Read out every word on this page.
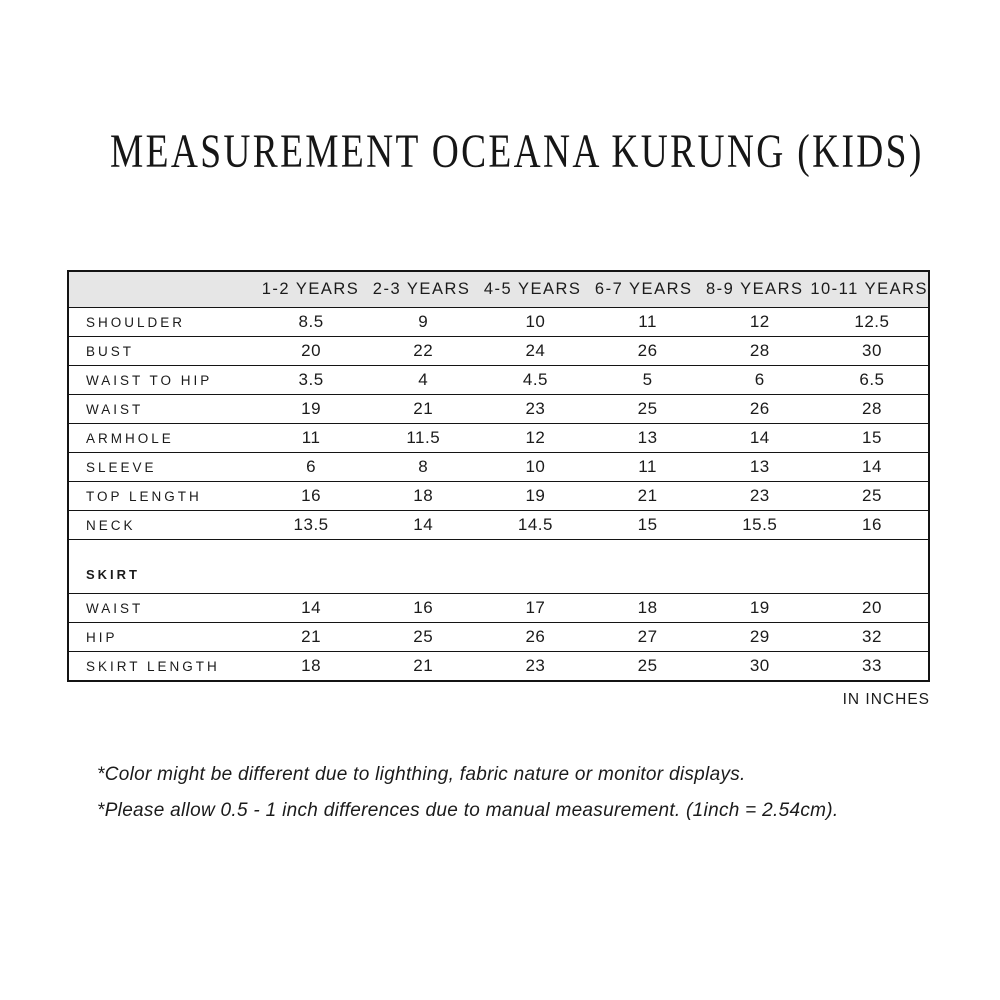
MEASUREMENT OCEANA KURUNG (KIDS)
1-2 YEARS 2-3 YEARS 4-5 YEARS 6-7 YEARS 8-9 YEARS 10-11 YEARS
SHOULDER	8.5	9	10	11	12	12.5
BUST	20	22	24	26	28	30
WAIST TO HIP	3.5	4	4.5	5	6	6.5
WAIST	19	21	23	25	26	28
ARMHOLE	11	11.5	12	13	14	15
SLEEVE	6	8	10	11	13	14
TOP LENGTH	16	18	19	21	23	25
NECK	13.5	14	14.5	15	15.5	16
SKIRT
WAIST	14	16	17	18	19	20
HIP	21	25	26	27	29	32
SKIRT LENGTH	18	21	23	25	30	33
IN INCHES

*Color might be different due to lighthing, fabric nature or monitor displays.

*Please allow 0.5 - 1 inch differences due to manual measurement. (1inch = 2.54cm).
